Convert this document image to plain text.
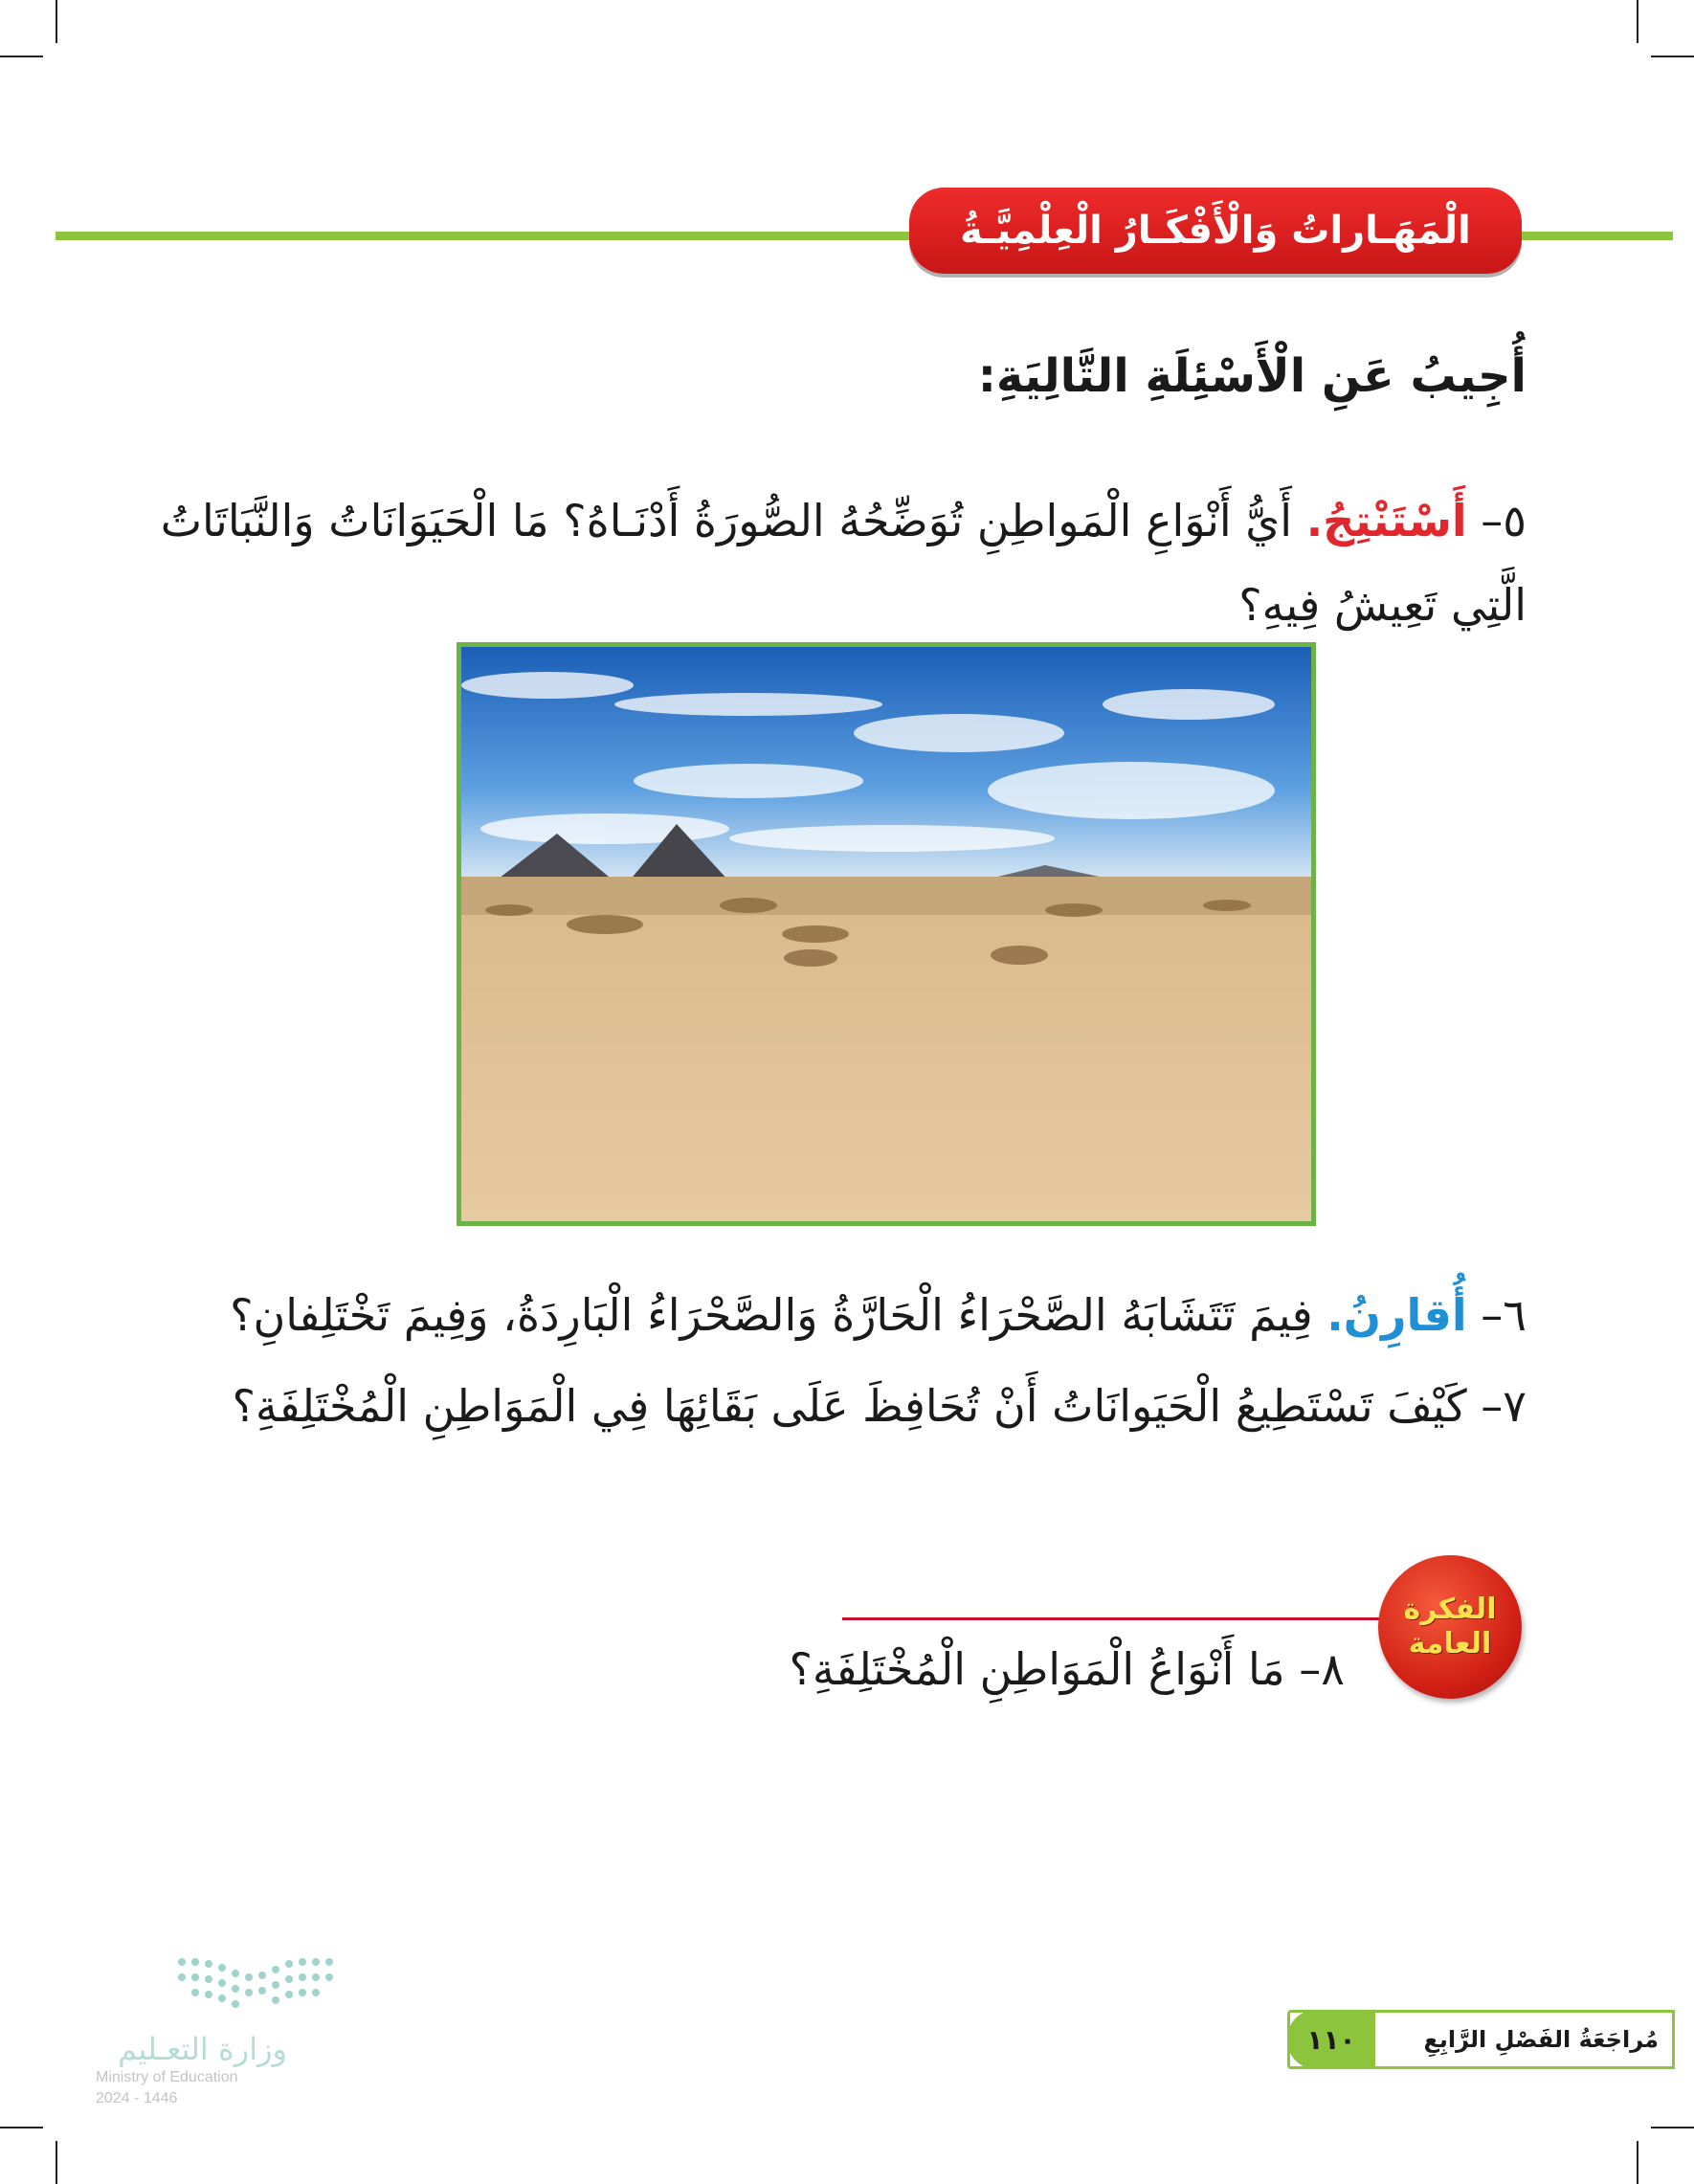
الْمَهَـاراتُ وَالْأَفْكَـارُ الْعِلْمِيَّـةُ
أُجِيبُ عَنِ الْأَسْئِلَةِ التَّالِيَةِ:
٥– أَسْتَنْتِجُ. أَيُّ أَنْوَاعِ الْمَواطِنِ تُوَضِّحُهُ الصُّورَةُ أَدْنَـاهُ؟ مَا الْحَيَوَانَاتُ وَالنَّبَاتَاتُ الَّتِي تَعِيشُ فِيهِ؟
٦– أُقارِنُ. فِيمَ تَتَشَابَهُ الصَّحْرَاءُ الْحَارَّةُ وَالصَّحْرَاءُ الْبَارِدَةُ، وَفِيمَ تَخْتَلِفانِ؟
٧– كَيْفَ تَسْتَطِيعُ الْحَيَوانَاتُ أَنْ تُحَافِظَ عَلَى بَقَائِهَا فِي الْمَوَاطِنِ الْمُخْتَلِفَةِ؟
الفكرة
العامة
٨– مَا أَنْوَاعُ الْمَوَاطِنِ الْمُخْتَلِفَةِ؟
وزارة التعـليم
Ministry of Education
2024 - 1446
مُراجَعَةُ الفَصْلِ الرَّابِعِ
١١٠
